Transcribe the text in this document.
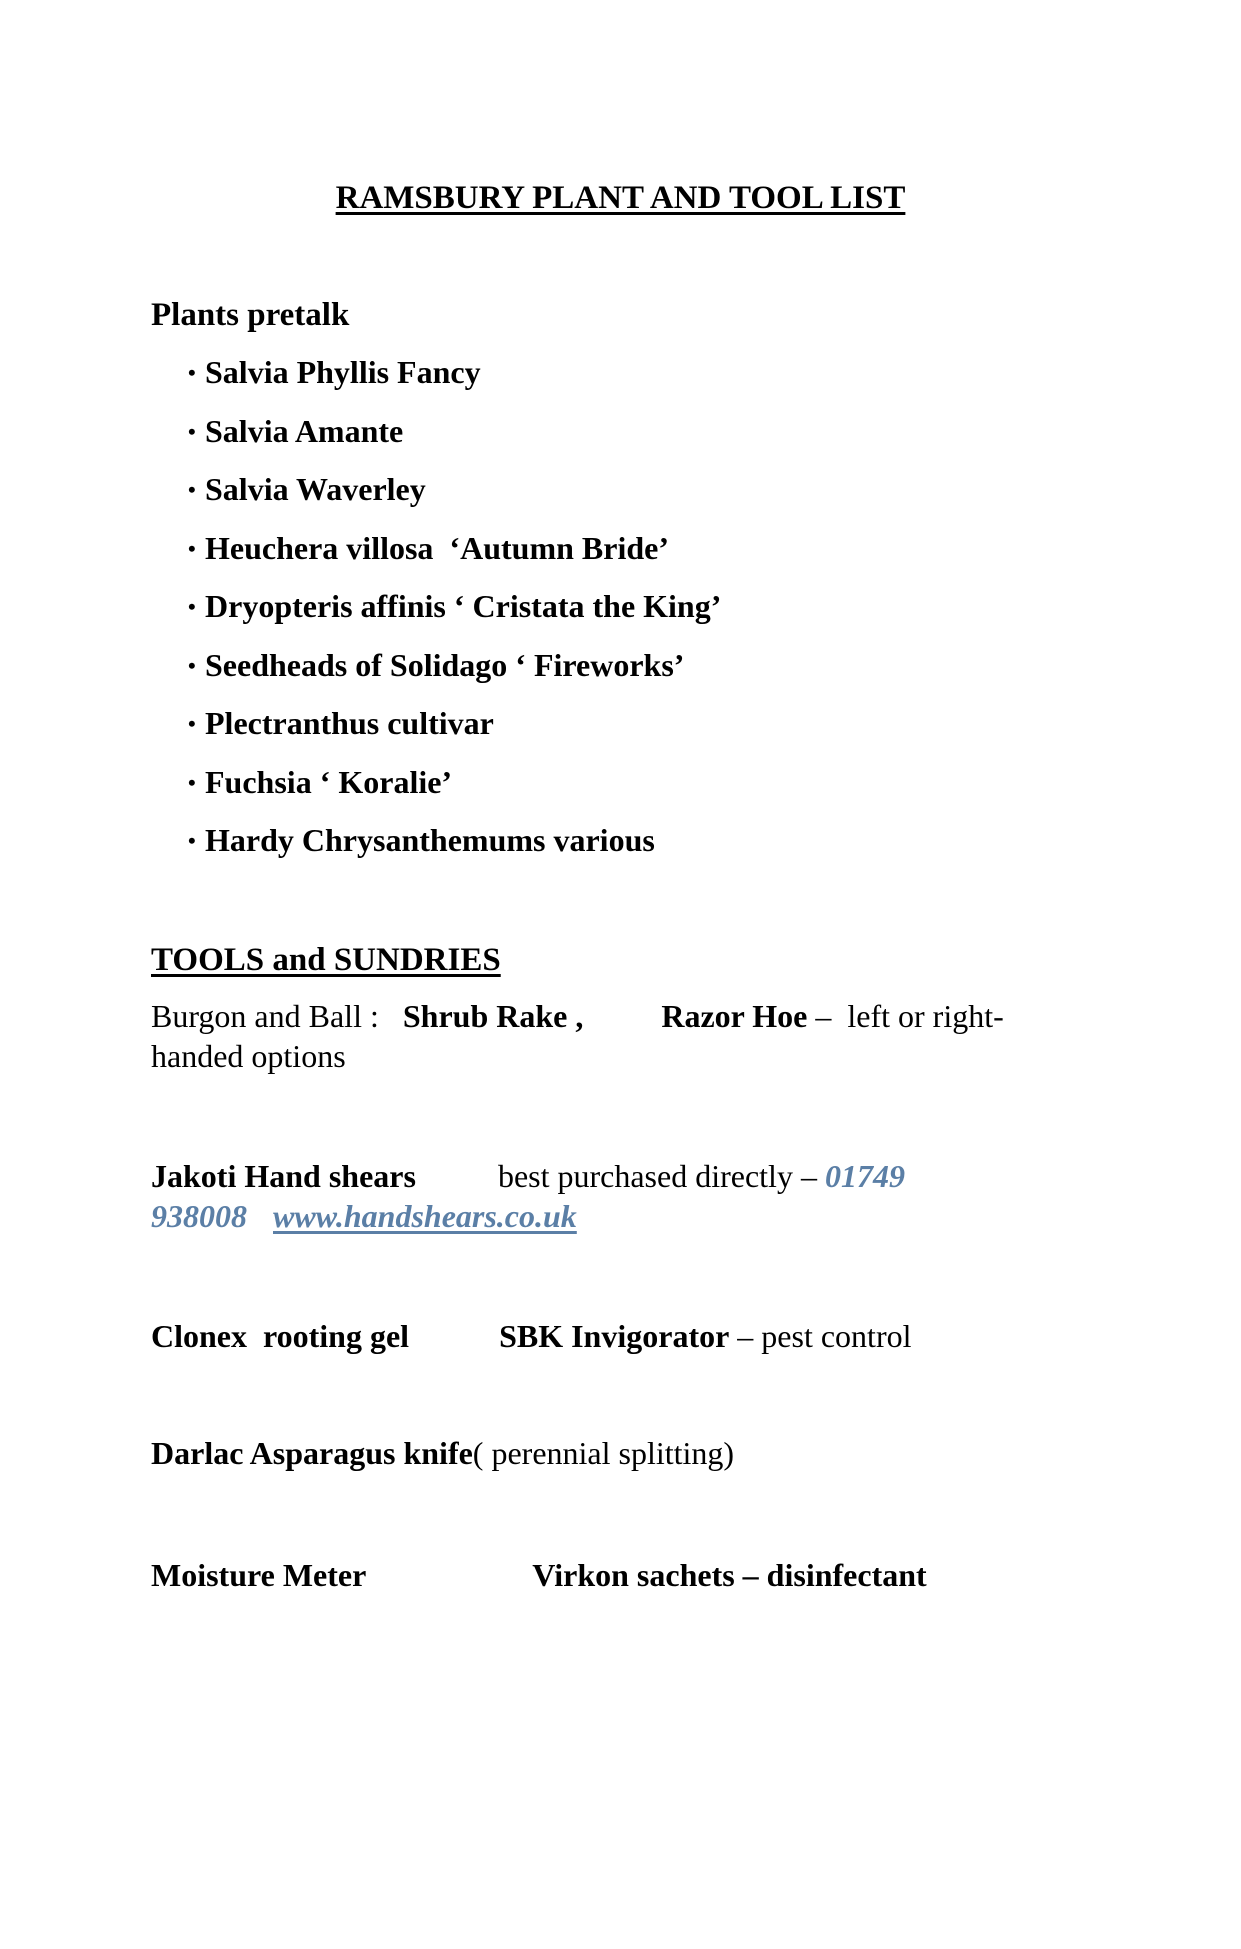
RAMSBURY PLANT AND TOOL LIST
Plants pretalk
• Salvia Phyllis Fancy
• Salvia Amante
• Salvia Waverley
• Heuchera villosa  ‘Autumn Bride’
• Dryopteris affinis ‘ Cristata the King’
• Seedheads of Solidago ‘ Fireworks’
• Plectranthus cultivar
• Fuchsia ‘ Koralie’
• Hardy Chrysanthemums various
TOOLS and SUNDRIES
Burgon and Ball : Shrub Rake , Razor Hoe –  left or right-
handed options
Jakoti Hand shears	best purchased directly – 01749
938008 www.handshears.co.uk
Clonex  rooting gel	SBK Invigorator – pest control
Darlac Asparagus knife( perennial splitting)
Moisture Meter	Virkon sachets – disinfectant
